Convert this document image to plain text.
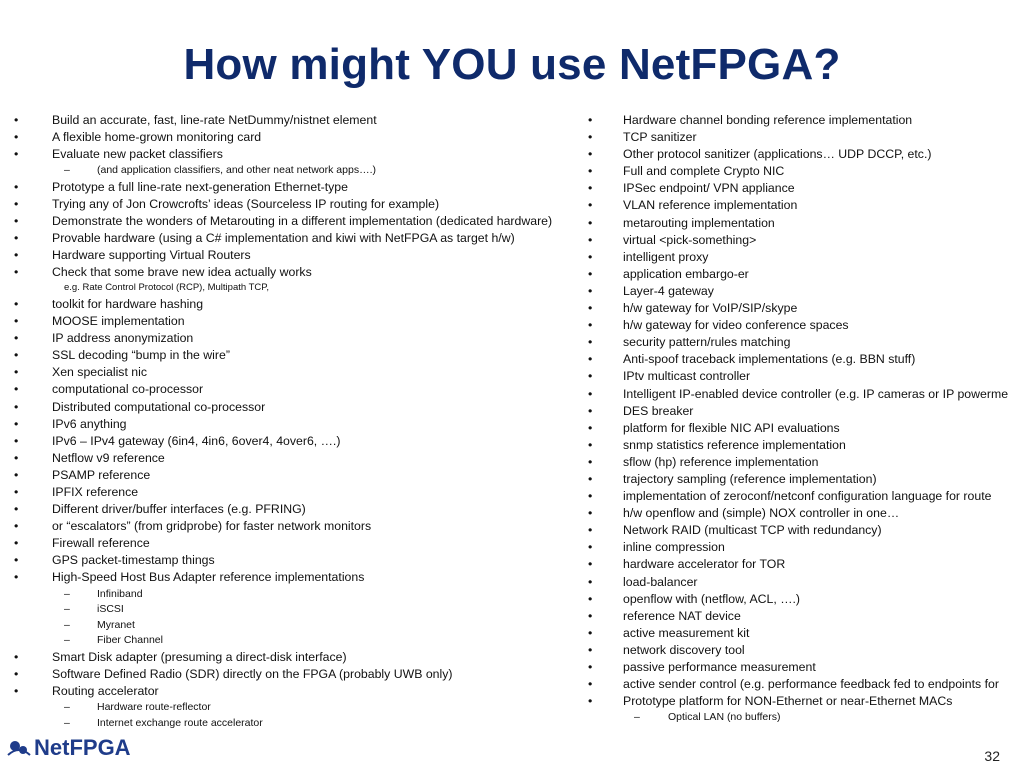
How might YOU use NetFPGA?
•	Build an accurate, fast, line-rate NetDummy/nistnet element
•	A flexible home-grown monitoring card
•	Evaluate new packet classifiers
–	(and application classifiers, and other neat network apps….)
•	Prototype a full line-rate next-generation Ethernet-type
•	Trying any of Jon Crowcrofts’ ideas (Sourceless IP routing for example)
•	Demonstrate the wonders of Metarouting in a different implementation (dedicated hardware)
•	Provable hardware (using a C# implementation and kiwi with NetFPGA as target h/w)
•	Hardware supporting Virtual Routers
•	Check that some brave new idea actually works
e.g. Rate Control Protocol (RCP), Multipath TCP,
•	toolkit for hardware hashing
•	MOOSE implementation
•	IP address anonymization
•	SSL decoding “bump in the wire”
•	Xen specialist nic
•	computational co-processor
•	Distributed computational co-processor
•	IPv6 anything
•	IPv6 – IPv4 gateway (6in4, 4in6, 6over4, 4over6, ….)
•	Netflow v9 reference
•	PSAMP reference
•	IPFIX reference
•	Different driver/buffer interfaces (e.g. PFRING)
•	or “escalators” (from gridprobe) for faster network monitors
•	Firewall reference
•	GPS packet-timestamp things
•	High-Speed Host Bus Adapter reference implementations
–	Infiniband
–	iSCSI
–	Myranet
–	Fiber Channel
•	Smart Disk adapter (presuming a direct-disk interface)
•	Software Defined Radio (SDR) directly on the FPGA (probably UWB only)
•	Routing accelerator
–	Hardware route-reflector
–	Internet exchange route accelerator
• Hardware channel bonding reference implementation
• TCP sanitizer
• Other protocol sanitizer (applications… UDP DCCP, etc.)
• Full and complete Crypto NIC
• IPSec endpoint/ VPN appliance
• VLAN reference implementation
• metarouting implementation
• virtual <pick-something>
• intelligent proxy
• application embargo-er
• Layer-4 gateway
• h/w gateway for VoIP/SIP/skype
• h/w gateway for video conference spaces
• security pattern/rules matching
• Anti-spoof traceback implementations (e.g. BBN stuff)
• IPtv multicast controller
• Intelligent IP-enabled device controller (e.g. IP cameras or IP powerme
• DES breaker
• platform for flexible NIC API evaluations
• snmp statistics reference implementation
• sflow (hp) reference implementation
• trajectory sampling (reference implementation)
• implementation of zeroconf/netconf configuration language for route
• h/w openflow and (simple) NOX controller in one…
• Network RAID (multicast TCP with redundancy)
• inline compression
• hardware accelerator for TOR
• load-balancer
• openflow with (netflow, ACL, ….)
• reference NAT device
• active measurement kit
• network discovery tool
• passive performance measurement
• active sender control (e.g. performance feedback fed to endpoints for
• Prototype platform for NON-Ethernet or near-Ethernet MACs
–	Optical LAN (no buffers)
NetFPGA	32
